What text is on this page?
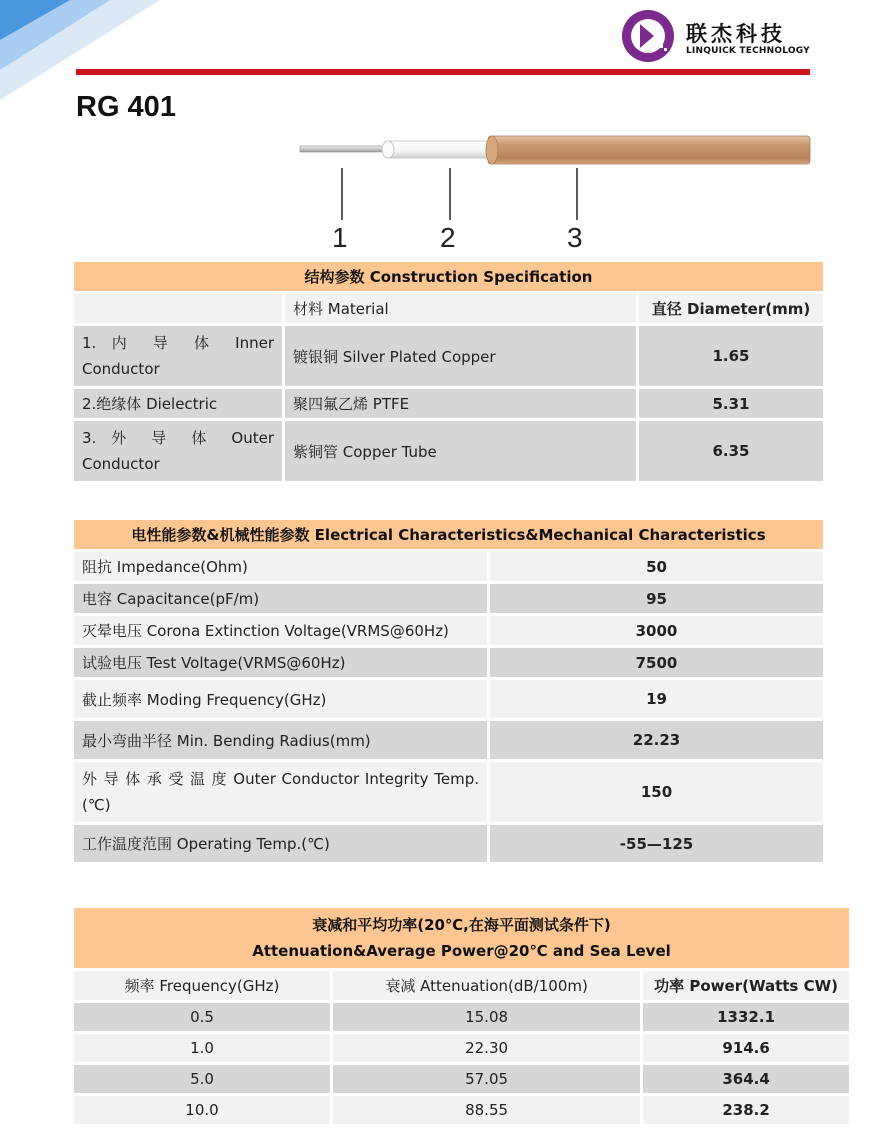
联杰科技
LINQUICK TECHNOLOGY
RG 401
1	2	3
结构参数 Construction Specification		
	材料 Material	直径 Diameter(mm)
1. 内 导 体 Inner Conductor	镀银铜 Silver Plated Copper	1.65
2.绝缘体 Dielectric	聚四氟乙烯 PTFE	5.31
3. 外 导 体 Outer Conductor	紫铜管 Copper Tube	6.35
电性能参数&机械性能参数 Electrical Characteristics&Mechanical Characteristics	
阻抗 Impedance(Ohm)	50
电容 Capacitance(pF/m)	95
灭晕电压 Corona Extinction Voltage(VRMS@60Hz)	3000
试验电压 Test Voltage(VRMS@60Hz)	7500
截止频率 Moding Frequency(GHz)	19
最小弯曲半径 Min. Bending Radius(mm)	22.23
外 导 体 承 受 温 度 Outer Conductor Integrity Temp.(℃)	150
工作温度范围 Operating Temp.(℃)	-55—125
衰减和平均功率(20℃,在海平面测试条件下)
Attenuation&Average Power@20℃ and Sea Level		

频率 Frequency(GHz)	衰减 Attenuation(dB/100m)	功率 Power(Watts CW)
0.5	15.08	1332.1
1.0	22.30	914.6
5.0	57.05	364.4
10.0	88.55	238.2
